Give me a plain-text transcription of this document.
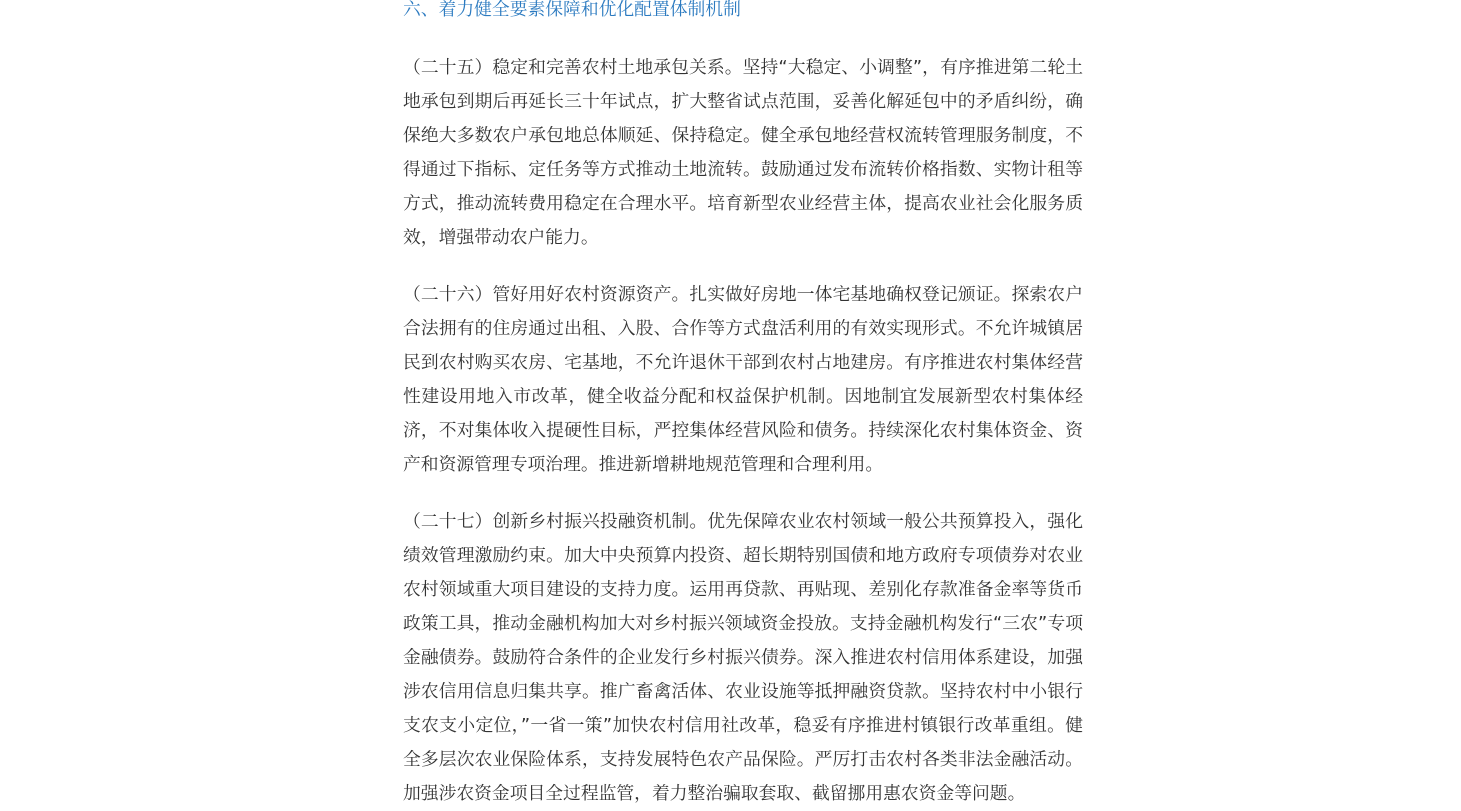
六、着力健全要素保障和优化配置体制机制

（二十五）稳定和完善农村土地承包关系。坚持“大稳定、小调整”，有序推进第二轮土地承包到期后再延长三十年试点，扩大整省试点范围，妥善化解延包中的矛盾纠纷，确保绝大多数农户承包地总体顺延、保持稳定。健全承包地经营权流转管理服务制度，不得通过下指标、定任务等方式推动土地流转。鼓励通过发布流转价格指数、实物计租等方式，推动流转费用稳定在合理水平。培育新型农业经营主体，提高农业社会化服务质效，增强带动农户能力。

（二十六）管好用好农村资源资产。扎实做好房地一体宅基地确权登记颁证。探索农户合法拥有的住房通过出租、入股、合作等方式盘活利用的有效实现形式。不允许城镇居民到农村购买农房、宅基地，不允许退休干部到农村占地建房。有序推进农村集体经营性建设用地入市改革，健全收益分配和权益保护机制。因地制宜发展新型农村集体经济，不对集体收入提硬性目标，严控集体经营风险和债务。持续深化农村集体资金、资产和资源管理专项治理。推进新增耕地规范管理和合理利用。

（二十七）创新乡村振兴投融资机制。优先保障农业农村领域一般公共预算投入，强化绩效管理激励约束。加大中央预算内投资、超长期特别国债和地方政府专项债券对农业农村领域重大项目建设的支持力度。运用再贷款、再贴现、差别化存款准备金率等货币政策工具，推动金融机构加大对乡村振兴领域资金投放。支持金融机构发行“三农”专项金融债券。鼓励符合条件的企业发行乡村振兴债券。深入推进农村信用体系建设，加强涉农信用信息归集共享。推广畜禽活体、农业设施等抵押融资贷款。坚持农村中小银行支农支小定位，”一省一策”加快农村信用社改革，稳妥有序推进村镇银行改革重组。健全多层次农业保险体系，支持发展特色农产品保险。严厉打击农村各类非法金融活动。加强涉农资金项目全过程监管，着力整治骗取套取、截留挪用惠农资金等问题。
